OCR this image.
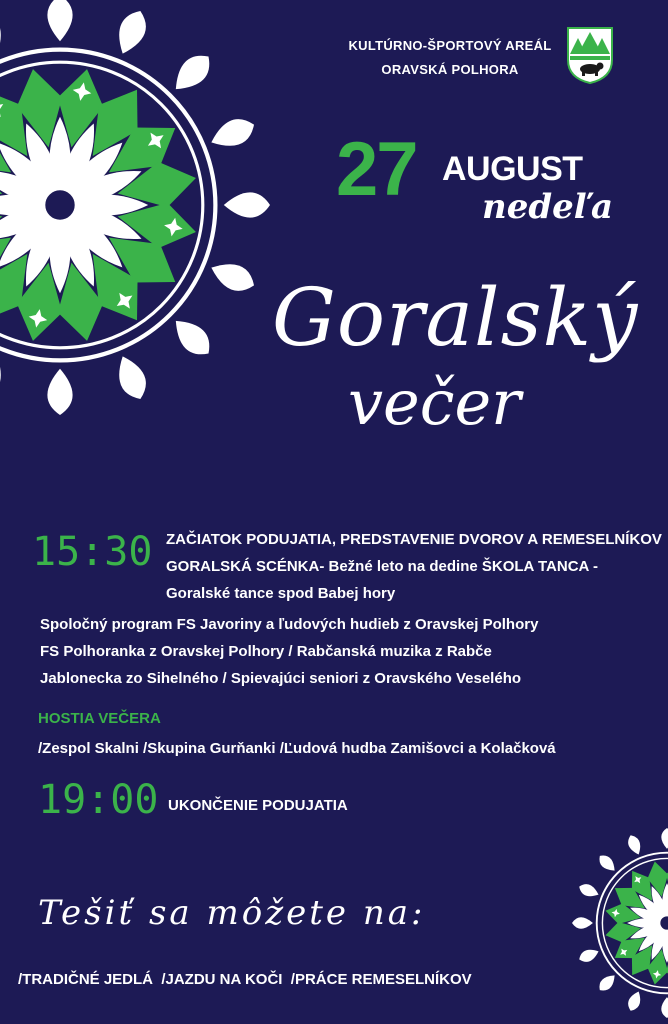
KULTÚRNO-ŠPORTOVÝ AREÁL
ORAVSKÁ POLHORA
27 AUGUST
nedeľa
Goralský
večer
15:30 ZAČIATOK PODUJATIA, PREDSTAVENIE DVOROV A REMESELNÍKOV
GORALSKÁ SCÉNKA- Bežné leto na dedine ŠKOLA TANCA -
Goralské tance spod Babej hory
Spoločný program FS Javoriny a ľudových hudieb z Oravskej Polhory
FS Polhoranka z Oravskej Polhory / Rabčanská muzika z Rabče
Jablonecka zo Sihelného / Spievajúci seniori z Oravského Veselého
HOSTIA VEČERA
/Zespol Skalni /Skupina Gurňanki /Ľudová hudba Zamišovci a Kolačková
19:00 UKONČENIE PODUJATIA
Tešiť sa môžete na:
/TRADIČNÉ JEDLÁ  /JAZDU NA KOČI  /PRÁCE REMESELNÍKOV
